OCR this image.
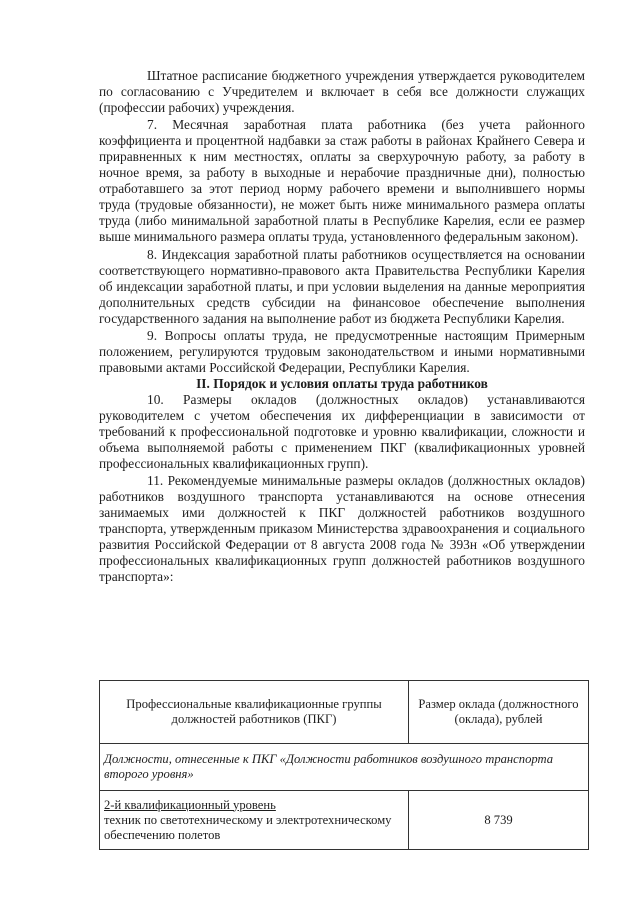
Штатное расписание бюджетного учреждения утверждается руководителем по согласованию с Учредителем и включает в себя все должности служащих (профессии рабочих) учреждения.

7. Месячная заработная плата работника (без учета районного коэффициента и процентной надбавки за стаж работы в районах Крайнего Севера и приравненных к ним местностях, оплаты за сверхурочную работу, за работу в ночное время, за работу в выходные и нерабочие праздничные дни), полностью отработавшего за этот период норму рабочего времени и выполнившего нормы труда (трудовые обязанности), не может быть ниже минимального размера оплаты труда (либо минимальной заработной платы в Республике Карелия, если ее размер выше минимального размера оплаты труда, установленного федеральным законом).

8. Индексация заработной платы работников осуществляется на основании соответствующего нормативно-правового акта Правительства Республики Карелия об индексации заработной платы, и при условии выделения на данные мероприятия дополнительных средств субсидии на финансовое обеспечение выполнения государственного задания на выполнение работ из бюджета Республики Карелия.

9. Вопросы оплаты труда, не предусмотренные настоящим Примерным положением, регулируются трудовым законодательством и иными нормативными правовыми актами Российской Федерации, Республики Карелия.

II. Порядок и условия оплаты труда работников

10. Размеры окладов (должностных окладов) устанавливаются руководителем с учетом обеспечения их дифференциации в зависимости от требований к профессиональной подготовке и уровню квалификации, сложности и объема выполняемой работы с применением ПКГ (квалификационных уровней профессиональных квалификационных групп).

11. Рекомендуемые минимальные размеры окладов (должностных окладов) работников воздушного транспорта устанавливаются на основе отнесения занимаемых ими должностей к ПКГ должностей работников воздушного транспорта, утвержденным приказом Министерства здравоохранения и социального развития Российской Федерации от 8 августа 2008 года № 393н «Об утверждении профессиональных квалификационных групп должностей работников воздушного транспорта»:

Профессиональные квалификационные группы должностей работников (ПКГ)	Размер оклада (должностного (оклада), рублей
Должности, отнесенные к ПКГ «Должности работников воздушного транспорта второго уровня»	
2-й квалификационный уровень
техник по светотехническому и электротехническому обеспечению полетов	8 739
